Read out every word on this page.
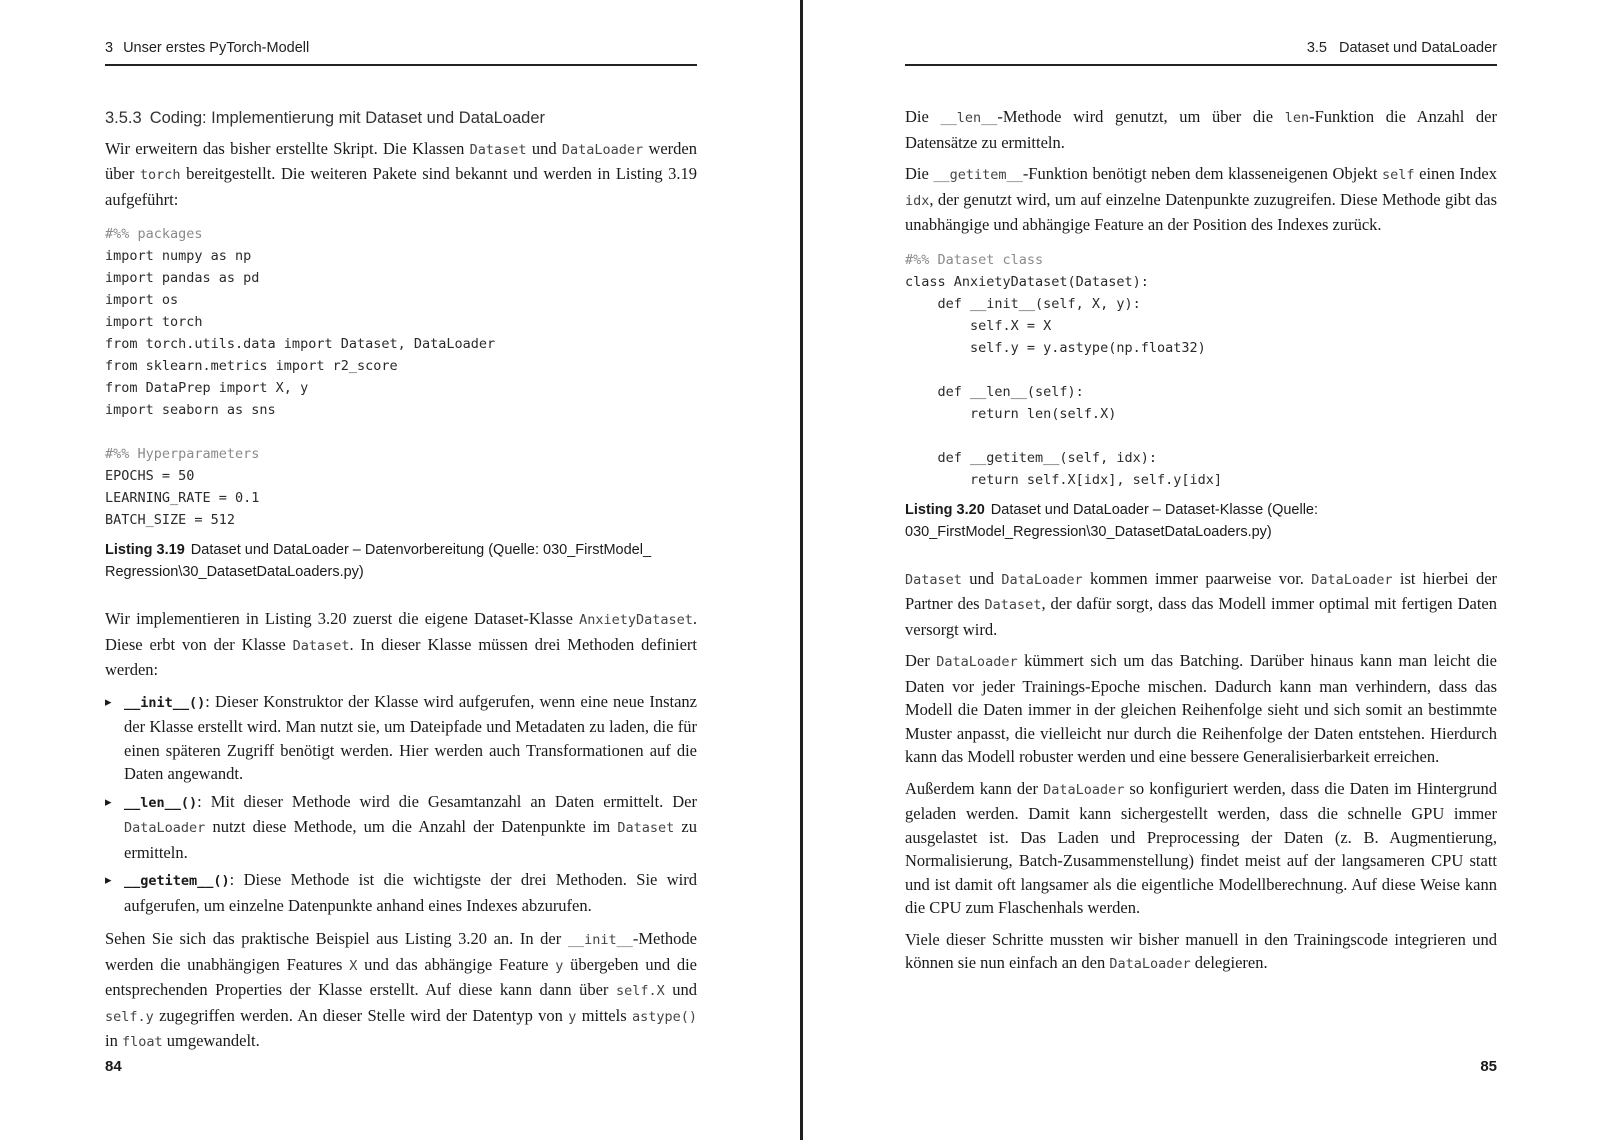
3 Unser erstes PyTorch-Modell
3.5.3 Coding: Implementierung mit Dataset und DataLoader

Wir erweitern das bisher erstellte Skript. Die Klassen Dataset und DataLoader werden über torch bereitgestellt. Die weiteren Pakete sind bekannt und werden in Listing 3.19 aufgeführt:

#%% packages
import numpy as np
import pandas as pd
import os
import torch
from torch.utils.data import Dataset, DataLoader
from sklearn.metrics import r2_score
from DataPrep import X, y
import seaborn as sns

#%% Hyperparameters
EPOCHS = 50
LEARNING_RATE = 0.1
BATCH_SIZE = 512
Listing 3.19 Dataset und DataLoader – Datenvorbereitung (Quelle: 030_FirstModel_ Regression\30_DatasetDataLoaders.py)

Wir implementieren in Listing 3.20 zuerst die eigene Dataset-Klasse AnxietyDataset. Diese erbt von der Klasse Dataset. In dieser Klasse müssen drei Methoden definiert werden:

▸ __init__(): Dieser Konstruktor der Klasse wird aufgerufen, wenn eine neue Instanz der Klasse erstellt wird. Man nutzt sie, um Dateipfade und Metadaten zu laden, die für einen späteren Zugriff benötigt werden. Hier werden auch Transformationen auf die Daten angewandt.
▸ __len__(): Mit dieser Methode wird die Gesamtanzahl an Daten ermittelt. Der DataLoader nutzt diese Methode, um die Anzahl der Datenpunkte im Dataset zu ermitteln.
▸ __getitem__(): Diese Methode ist die wichtigste der drei Methoden. Sie wird aufgerufen, um einzelne Datenpunkte anhand eines Indexes abzurufen.

Sehen Sie sich das praktische Beispiel aus Listing 3.20 an. In der __init__-Methode werden die unabhängigen Features X und das abhängige Feature y übergeben und die entsprechenden Properties der Klasse erstellt. Auf diese kann dann über self.X und self.y zugegriffen werden. An dieser Stelle wird der Datentyp von y mittels astype() in float umgewandelt.

84
3.5 Dataset und DataLoader

Die __len__-Methode wird genutzt, um über die len-Funktion die Anzahl der Datensätze zu ermitteln.

Die __getitem__-Funktion benötigt neben dem klasseneigenen Objekt self einen Index idx, der genutzt wird, um auf einzelne Datenpunkte zuzugreifen. Diese Methode gibt das unabhängige und abhängige Feature an der Position des Indexes zurück.

#%% Dataset class
class AnxietyDataset(Dataset):
def __init__(self, X, y):
self.X = X
self.y = y.astype(np.float32)

def __len__(self):
return len(self.X)

def __getitem__(self, idx):
return self.X[idx], self.y[idx]
Listing 3.20 Dataset und DataLoader – Dataset-Klasse (Quelle: 030_FirstModel_Regression\30_DatasetDataLoaders.py)

Dataset und DataLoader kommen immer paarweise vor. DataLoader ist hierbei der Partner des Dataset, der dafür sorgt, dass das Modell immer optimal mit fertigen Daten versorgt wird.

Der DataLoader kümmert sich um das Batching. Darüber hinaus kann man leicht die Daten vor jeder Trainings-Epoche mischen. Dadurch kann man verhindern, dass das Modell die Daten immer in der gleichen Reihenfolge sieht und sich somit an bestimmte Muster anpasst, die vielleicht nur durch die Reihenfolge der Daten entstehen. Hierdurch kann das Modell robuster werden und eine bessere Generalisierbarkeit erreichen.

Außerdem kann der DataLoader so konfiguriert werden, dass die Daten im Hintergrund geladen werden. Damit kann sichergestellt werden, dass die schnelle GPU immer ausgelastet ist. Das Laden und Preprocessing der Daten (z. B. Augmentierung, Normalisierung, Batch-Zusammenstellung) findet meist auf der langsameren CPU statt und ist damit oft langsamer als die eigentliche Modellberechnung. Auf diese Weise kann die CPU zum Flaschenhals werden.

Viele dieser Schritte mussten wir bisher manuell in den Trainingscode integrieren und können sie nun einfach an den DataLoader delegieren.

85
